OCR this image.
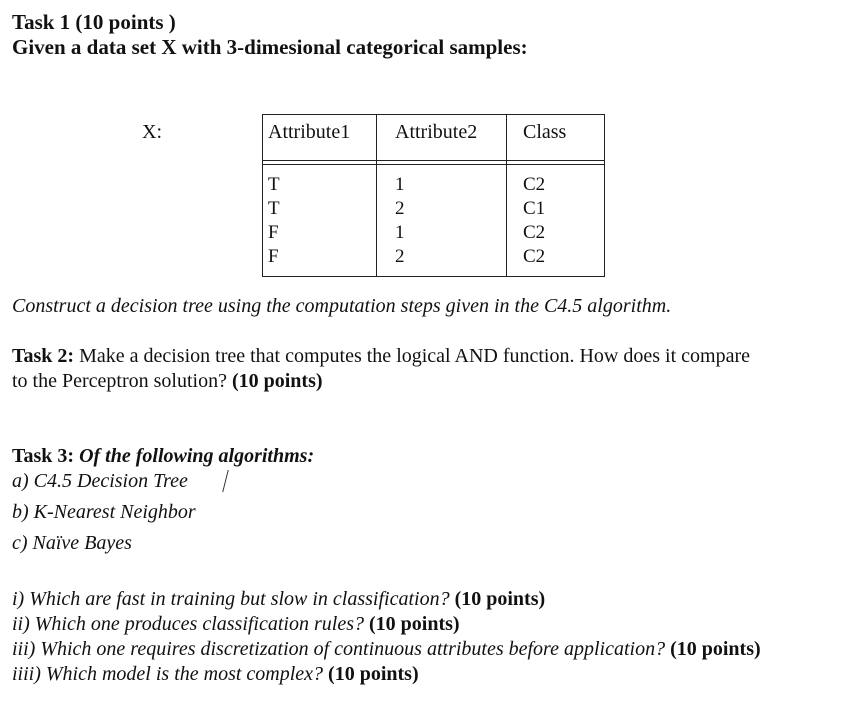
Task 1 (10 points )
Given a data set X with 3-dimesional categorical samples:
X:	Attribute1 Attribute2 Class
T	1	C2
T	2	C1
F	1	C2
F	2	C2
Construct a decision tree using the computation steps given in the C4.5 algorithm.
Task 2: Make a decision tree that computes the logical AND function. How does it compare
to the Perceptron solution? (10 points)
Task 3: Of the following algorithms:
a) C4.5 Decision Tree
b) K-Nearest Neighbor
c) Naïve Bayes
i) Which are fast in training but slow in classification? (10 points)
ii) Which one produces classification rules? (10 points)
iii) Which one requires discretization of continuous attributes before application? (10 points)
iiii) Which model is the most complex? (10 points)
